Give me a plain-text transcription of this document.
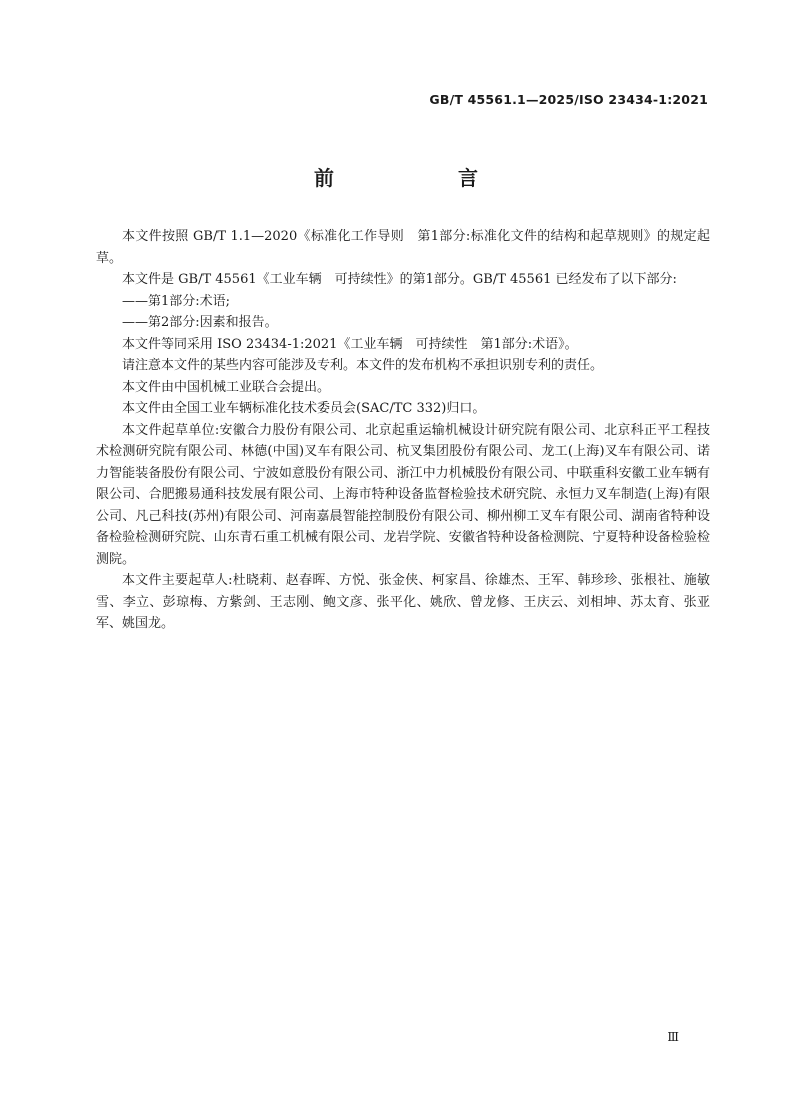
GB/T 45561.1—2025/ISO 23434-1:2021
前　　言

本文件按照 GB/T 1.1—2020《标准化工作导则　第1部分:标准化文件的结构和起草规则》的规定起草。

本文件是 GB/T 45561《工业车辆　可持续性》的第1部分。GB/T 45561 已经发布了以下部分:

——第1部分:术语;

——第2部分:因素和报告。

本文件等同采用 ISO 23434-1:2021《工业车辆　可持续性　第1部分:术语》。

请注意本文件的某些内容可能涉及专利。本文件的发布机构不承担识别专利的责任。

本文件由中国机械工业联合会提出。

本文件由全国工业车辆标准化技术委员会(SAC/TC 332)归口。

本文件起草单位:安徽合力股份有限公司、北京起重运输机械设计研究院有限公司、北京科正平工程技术检测研究院有限公司、林德(中国)叉车有限公司、杭叉集团股份有限公司、龙工(上海)叉车有限公司、诺力智能装备股份有限公司、宁波如意股份有限公司、浙江中力机械股份有限公司、中联重科安徽工业车辆有限公司、合肥搬易通科技发展有限公司、上海市特种设备监督检验技术研究院、永恒力叉车制造(上海)有限公司、凡己科技(苏州)有限公司、河南嘉晨智能控制股份有限公司、柳州柳工叉车有限公司、湖南省特种设备检验检测研究院、山东青石重工机械有限公司、龙岩学院、安徽省特种设备检测院、宁夏特种设备检验检测院。

本文件主要起草人:杜晓莉、赵春晖、方悦、张金侠、柯家昌、徐雄杰、王军、韩珍珍、张根社、施敏雪、李立、彭琼梅、方紫剑、王志刚、鲍文彦、张平化、姚欣、曾龙修、王庆云、刘相坤、苏太育、张亚军、姚国龙。

Ⅲ
